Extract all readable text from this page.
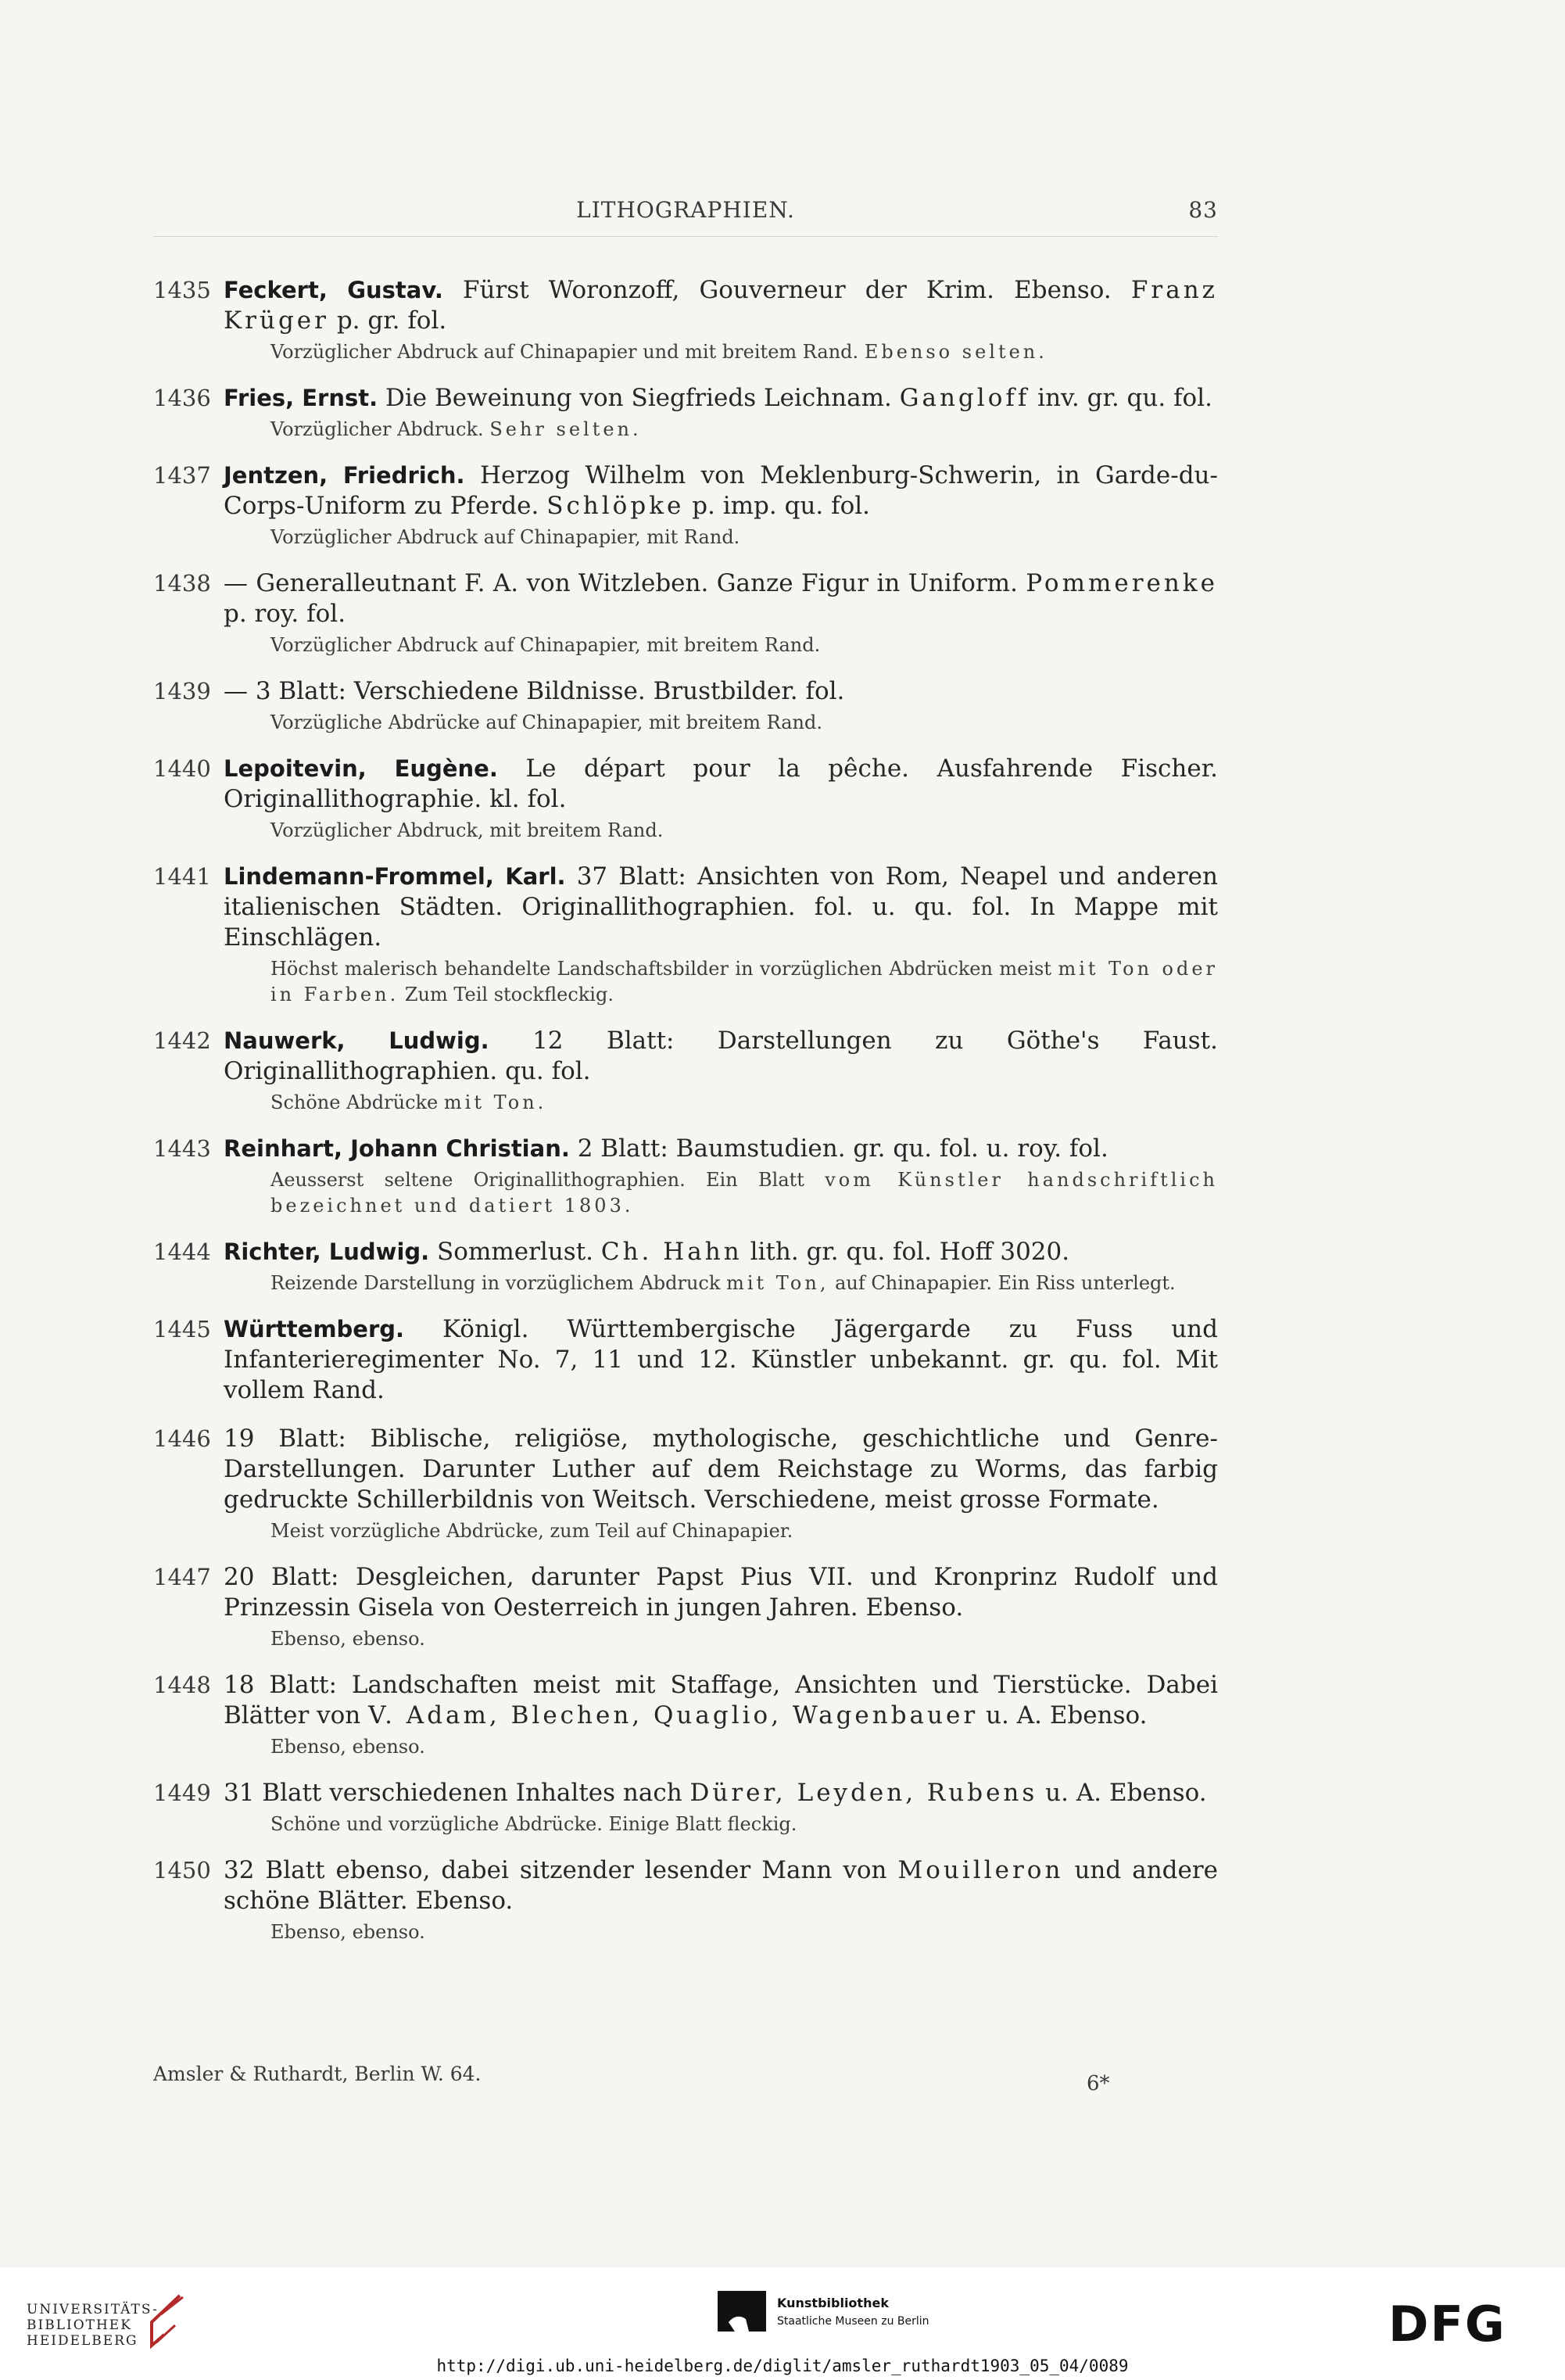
LITHOGRAPHIEN.	83
1435 Feckert, Gustav. Fürst Woronzoff, Gouverneur der Krim. Ebenso. Franz Krüger p. gr. fol.
Vorzüglicher Abdruck auf Chinapapier und mit breitem Rand. Ebenso selten.
1436 Fries, Ernst. Die Beweinung von Siegfrieds Leichnam. Gangloff inv. gr. qu. fol.
Vorzüglicher Abdruck. Sehr selten.
1437 Jentzen, Friedrich. Herzog Wilhelm von Meklenburg-Schwerin, in Garde-du-Corps-Uniform zu Pferde. Schlöpke p. imp. qu. fol.
Vorzüglicher Abdruck auf Chinapapier, mit Rand.
1438 — Generalleutnant F. A. von Witzleben. Ganze Figur in Uniform. Pommerenke p. roy. fol.
Vorzüglicher Abdruck auf Chinapapier, mit breitem Rand.
1439 — 3 Blatt: Verschiedene Bildnisse. Brustbilder. fol.
Vorzügliche Abdrücke auf Chinapapier, mit breitem Rand.
1440 Lepoitevin, Eugène. Le départ pour la pêche. Ausfahrende Fischer. Originallithographie. kl. fol.
Vorzüglicher Abdruck, mit breitem Rand.
1441 Lindemann-Frommel, Karl. 37 Blatt: Ansichten von Rom, Neapel und anderen italienischen Städten. Originallithographien. fol. u. qu. fol. In Mappe mit Einschlägen.
Höchst malerisch behandelte Landschaftsbilder in vorzüglichen Abdrücken meist mit Ton oder in Farben. Zum Teil stockfleckig.
1442 Nauwerk, Ludwig. 12 Blatt: Darstellungen zu Göthe's Faust. Originallithographien. qu. fol.
Schöne Abdrücke mit Ton.
1443 Reinhart, Johann Christian. 2 Blatt: Baumstudien. gr. qu. fol. u. roy. fol.
Aeusserst seltene Originallithographien. Ein Blatt vom Künstler handschriftlich bezeichnet und datiert 1803.
1444 Richter, Ludwig. Sommerlust. Ch. Hahn lith. gr. qu. fol. Hoff 3020.
Reizende Darstellung in vorzüglichem Abdruck mit Ton, auf Chinapapier. Ein Riss unterlegt.
1445 Württemberg. Königl. Württembergische Jägergarde zu Fuss und Infanterieregimenter No. 7, 11 und 12. Künstler unbekannt. gr. qu. fol. Mit vollem Rand.
1446 19 Blatt: Biblische, religiöse, mythologische, geschichtliche und Genre-Darstellungen. Darunter Luther auf dem Reichstage zu Worms, das farbig gedruckte Schillerbildnis von Weitsch. Verschiedene, meist grosse Formate.
Meist vorzügliche Abdrücke, zum Teil auf Chinapapier.
1447 20 Blatt: Desgleichen, darunter Papst Pius VII. und Kronprinz Rudolf und Prinzessin Gisela von Oesterreich in jungen Jahren. Ebenso.
Ebenso, ebenso.
1448 18 Blatt: Landschaften meist mit Staffage, Ansichten und Tierstücke. Dabei Blätter von V. Adam, Blechen, Quaglio, Wagenbauer u. A. Ebenso.
Ebenso, ebenso.
1449 31 Blatt verschiedenen Inhaltes nach Dürer, Leyden, Rubens u. A. Ebenso.
Schöne und vorzügliche Abdrücke. Einige Blatt fleckig.
1450 32 Blatt ebenso, dabei sitzender lesender Mann von Mouilleron und andere schöne Blätter. Ebenso.
Ebenso, ebenso.
Amsler & Ruthardt, Berlin W. 64.	6*
UNIVERSITÄTS-
BIBLIOTHEK
HEIDELBERG
Kunstbibliothek
Staatliche Museen zu Berlin	DFG
http://digi.ub.uni-heidelberg.de/diglit/amsler_ruthardt1903_05_04/0089
